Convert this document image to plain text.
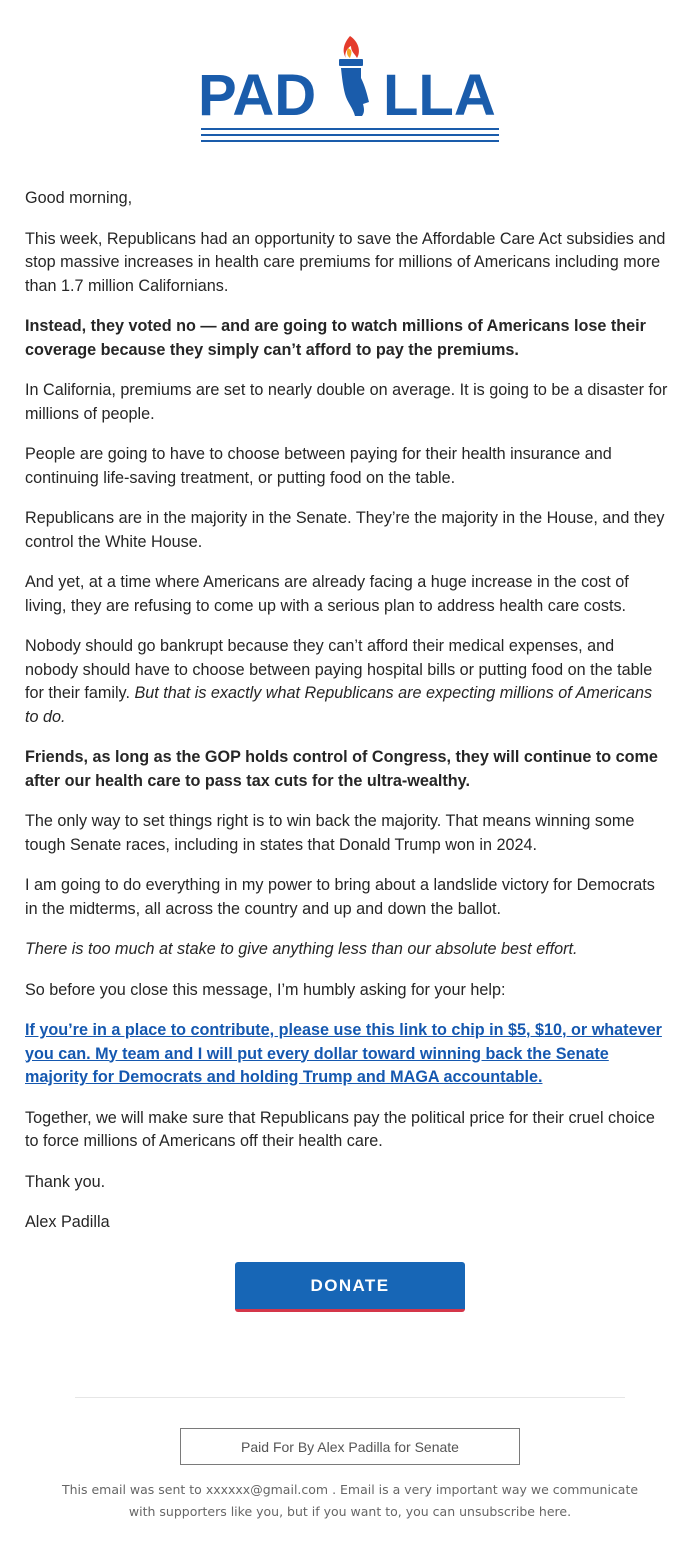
PAD LLA

Good morning,

This week, Republicans had an opportunity to save the Affordable Care Act subsidies and stop massive increases in health care premiums for millions of Americans including more than 1.7 million Californians.

Instead, they voted no — and are going to watch millions of Americans lose their coverage because they simply can’t afford to pay the premiums.

In California, premiums are set to nearly double on average. It is going to be a disaster for millions of people.

People are going to have to choose between paying for their health insurance and continuing life-saving treatment, or putting food on the table.

Republicans are in the majority in the Senate. They’re the majority in the House, and they control the White House.

And yet, at a time where Americans are already facing a huge increase in the cost of living, they are refusing to come up with a serious plan to address health care costs.

Nobody should go bankrupt because they can’t afford their medical expenses, and nobody should have to choose between paying hospital bills or putting food on the table for their family. But that is exactly what Republicans are expecting millions of Americans to do.

Friends, as long as the GOP holds control of Congress, they will continue to come after our health care to pass tax cuts for the ultra-wealthy.

The only way to set things right is to win back the majority. That means winning some tough Senate races, including in states that Donald Trump won in 2024.

I am going to do everything in my power to bring about a landslide victory for Democrats in the midterms, all across the country and up and down the ballot.

There is too much at stake to give anything less than our absolute best effort.

So before you close this message, I’m humbly asking for your help:

If you’re in a place to contribute, please use this link to chip in $5, $10, or whatever you can. My team and I will put every dollar toward winning back the Senate majority for Democrats and holding Trump and MAGA accountable.

Together, we will make sure that Republicans pay the political price for their cruel choice to force millions of Americans off their health care.

Thank you.

Alex Padilla

DONATE
Paid For By Alex Padilla for Senate
This email was sent to xxxxxx@gmail.com . Email is a very important way we communicate with supporters like you, but if you want to, you can unsubscribe here.
